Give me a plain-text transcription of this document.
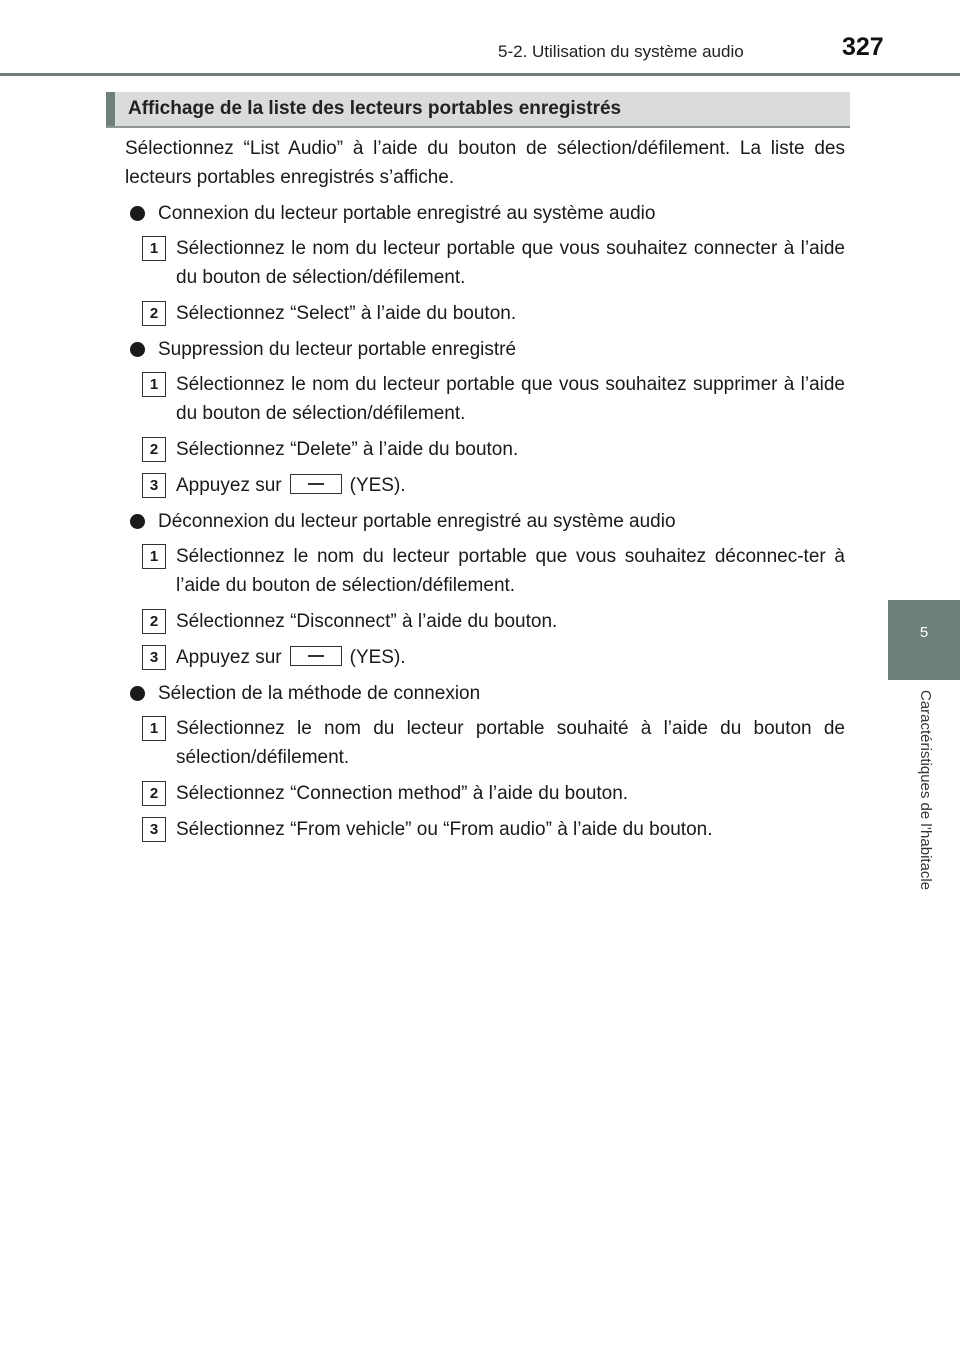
5-2. Utilisation du système audio	327
5
Caractéristiques de l’habitacle
Affichage de la liste des lecteurs portables enregistrés

Sélectionnez “List Audio” à l’aide du bouton de sélection/défilement. La liste des lecteurs portables enregistrés s’affiche.

Connexion du lecteur portable enregistré au système audio
1 Sélectionnez le nom du lecteur portable que vous souhaitez connecter à l’aide du bouton de sélection/défilement.
2 Sélectionnez “Select” à l’aide du bouton.
Suppression du lecteur portable enregistré
1 Sélectionnez le nom du lecteur portable que vous souhaitez supprimer à l’aide du bouton de sélection/défilement.
2 Sélectionnez “Delete” à l’aide du bouton.
3 Appuyez sur	(YES).
Déconnexion du lecteur portable enregistré au système audio
1 Sélectionnez le nom du lecteur portable que vous souhaitez déconnec-ter à l’aide du bouton de sélection/défilement.
2 Sélectionnez “Disconnect” à l’aide du bouton.
3 Appuyez sur	(YES).
Sélection de la méthode de connexion
1 Sélectionnez le nom du lecteur portable souhaité à l’aide du bouton de sélection/défilement.
2 Sélectionnez “Connection method” à l’aide du bouton.
3 Sélectionnez “From vehicle” ou “From audio” à l’aide du bouton.
